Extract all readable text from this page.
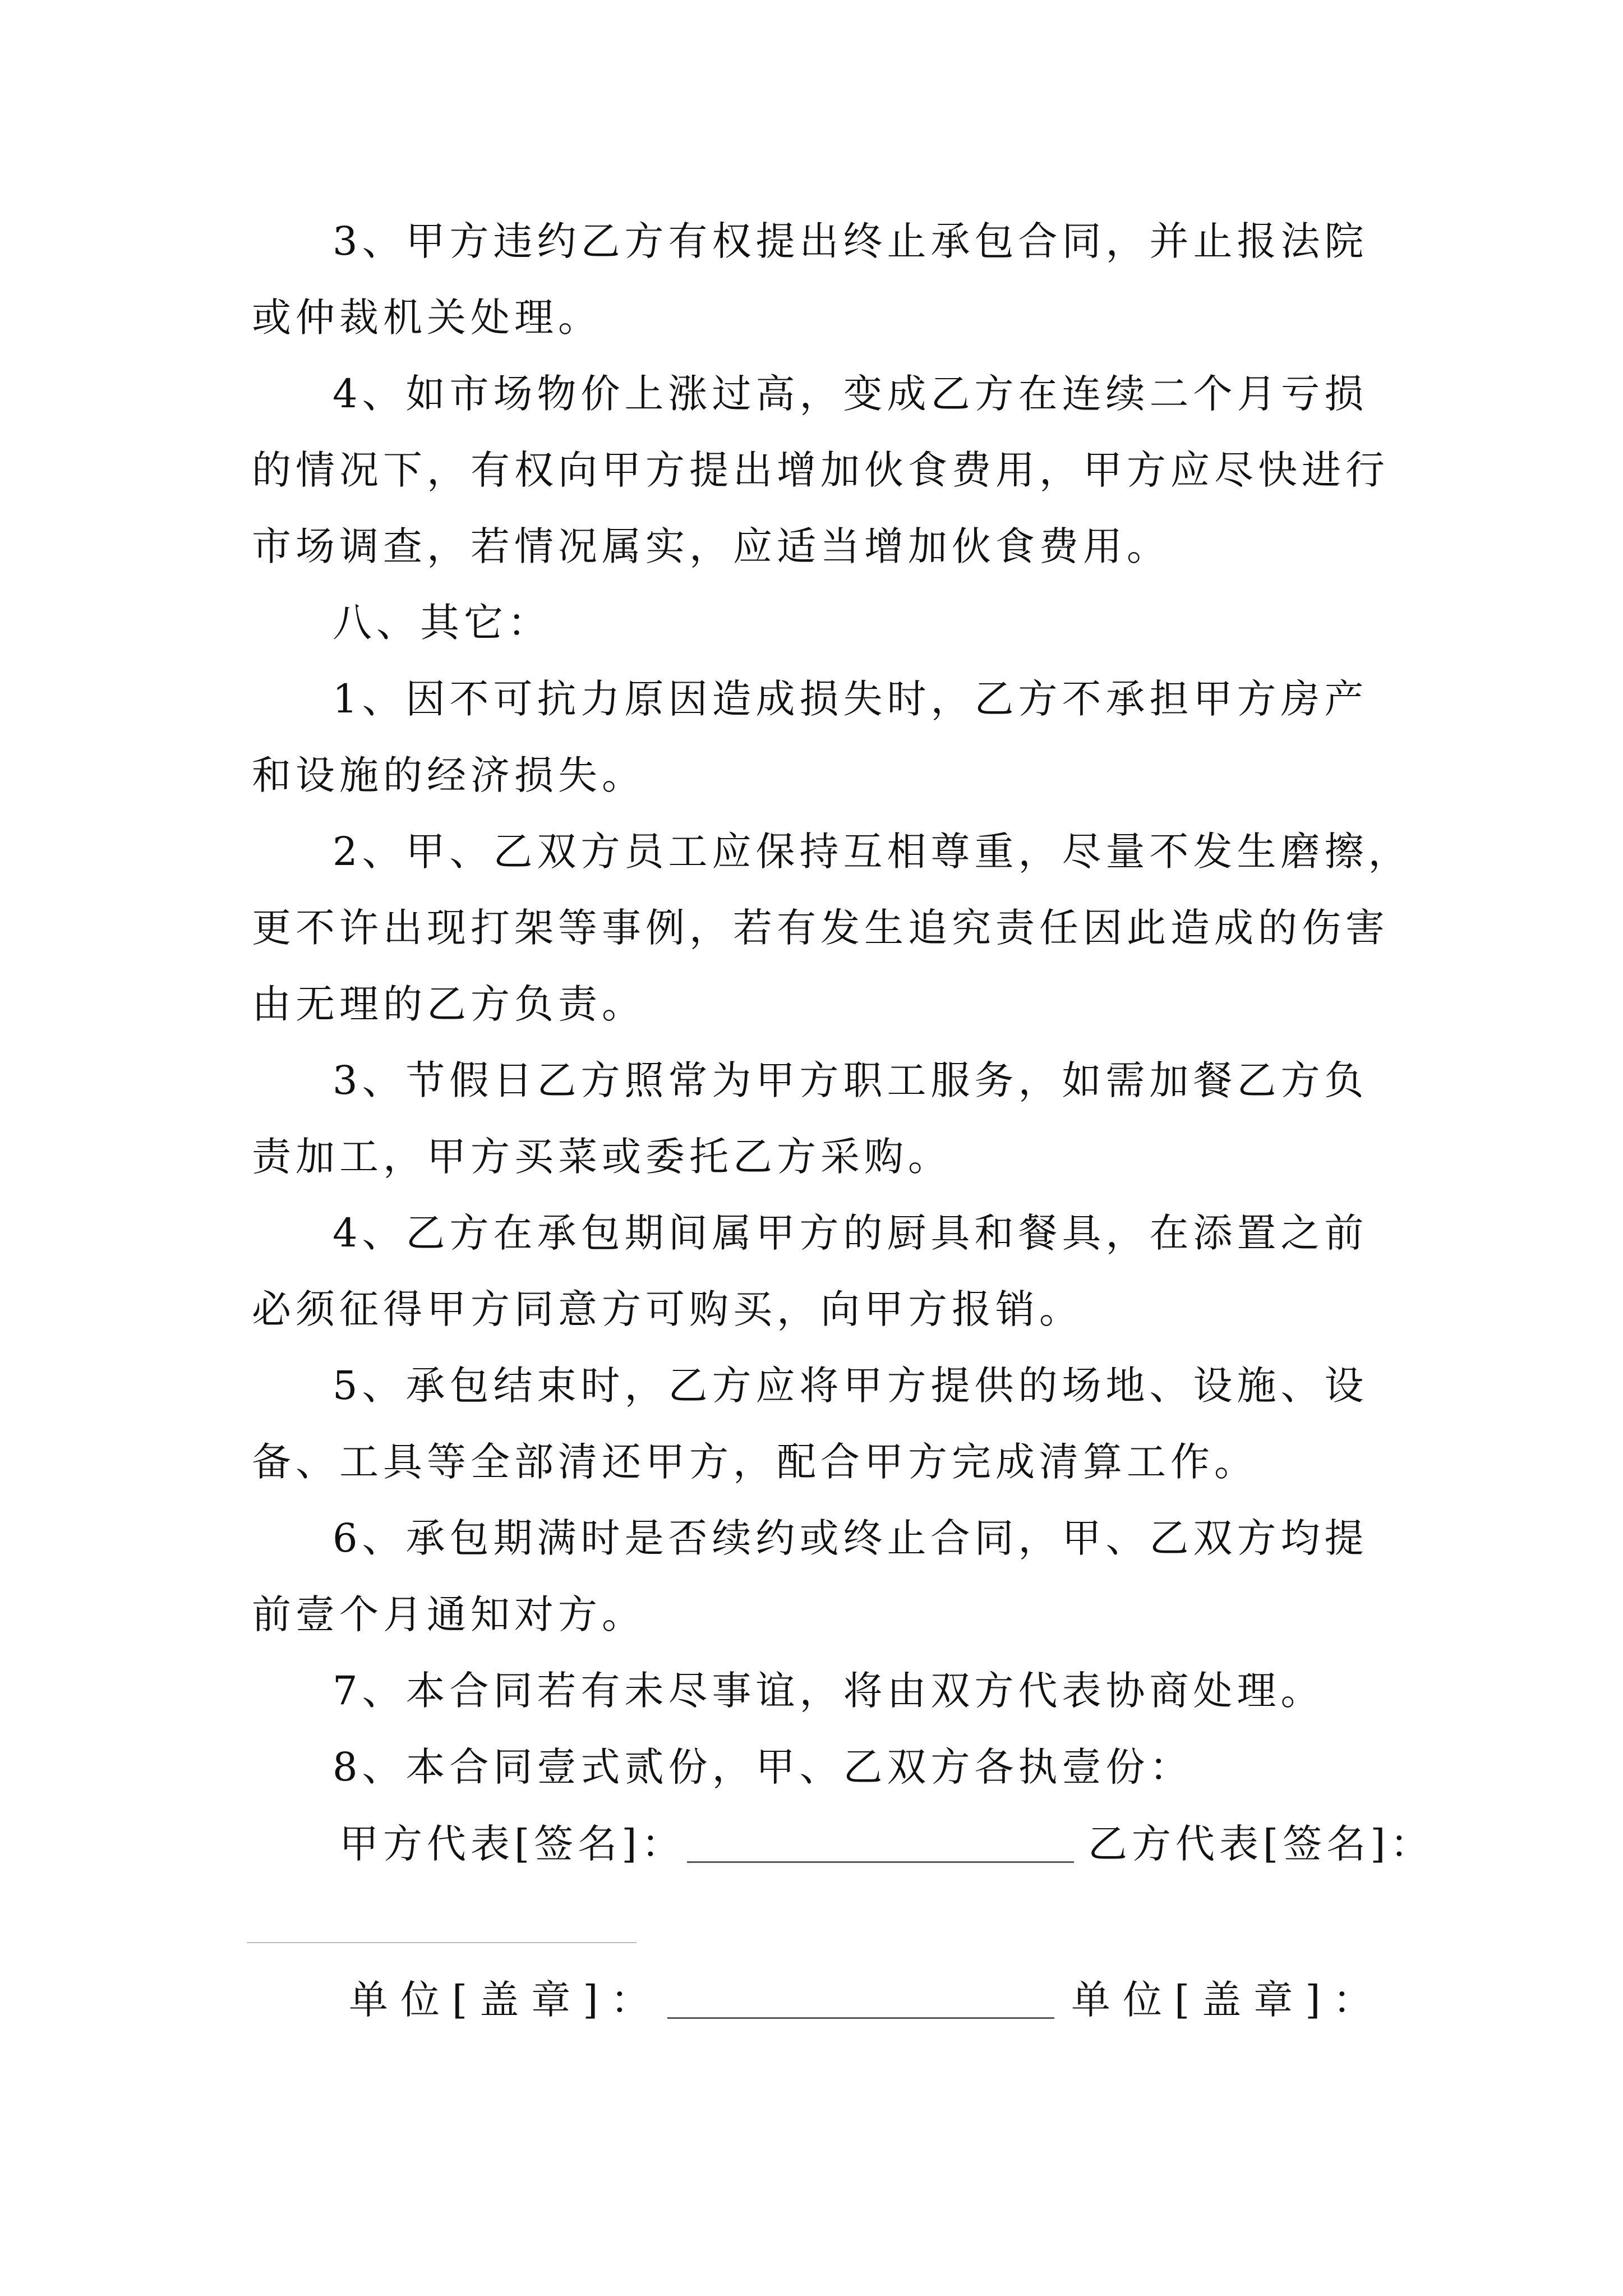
3、甲方违约乙方有权提出终止承包合同，并止报法院
或仲裁机关处理。
4、如市场物价上涨过高，变成乙方在连续二个月亏损
的情况下，有权向甲方提出增加伙食费用，甲方应尽快进行
市场调查，若情况属实，应适当增加伙食费用。
八、其它：
1、因不可抗力原因造成损失时，乙方不承担甲方房产
和设施的经济损失。
2、甲、乙双方员工应保持互相尊重，尽量不发生磨擦，
更不许出现打架等事例，若有发生追究责任因此造成的伤害
由无理的乙方负责。
3、节假日乙方照常为甲方职工服务，如需加餐乙方负
责加工，甲方买菜或委托乙方采购。
4、乙方在承包期间属甲方的厨具和餐具，在添置之前
必须征得甲方同意方可购买，向甲方报销。
5、承包结束时，乙方应将甲方提供的场地、设施、设
备、工具等全部清还甲方，配合甲方完成清算工作。
6、承包期满时是否续约或终止合同，甲、乙双方均提
前壹个月通知对方。
7、本合同若有未尽事谊，将由双方代表协商处理。
8、本合同壹式贰份，甲、乙双方各执壹份：
甲方代表[签名]：	乙方代表[签名]：
单位[盖章]：	单位[盖章]：
